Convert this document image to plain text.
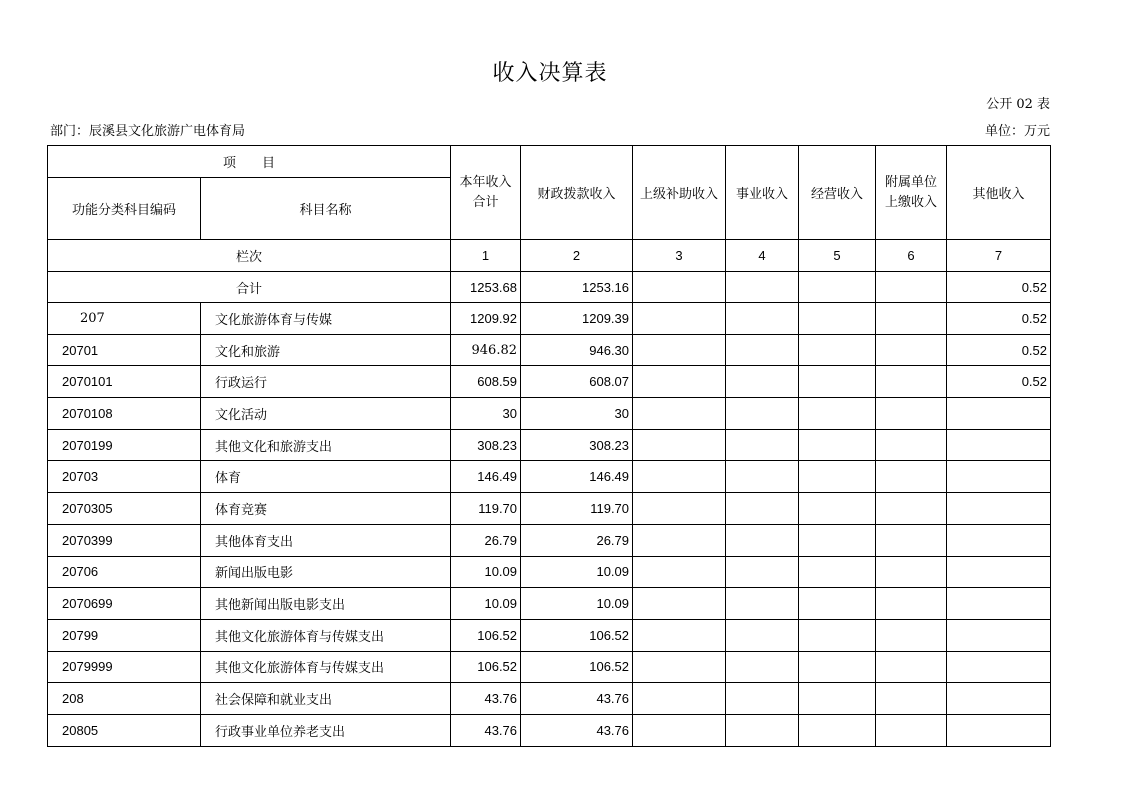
收入决算表
公开 02 表
部门：辰溪县文化旅游广电体育局	单位：万元
项　　目		本年收入合计	财政拨款收入	上级补助收入	事业收入	经营收入	附属单位上缴收入	其他收入
功能分类科目编码	科目名称							
栏次		1	2	3	4	5	6	7
合计		1253.68	1253.16					0.52
207	文化旅游体育与传媒	1209.92	1209.39					0.52
20701	文化和旅游	946.82	946.30					0.52
2070101	行政运行	608.59	608.07					0.52
2070108	文化活动	30	30					
2070199	其他文化和旅游支出	308.23	308.23					
20703	体育	146.49	146.49					
2070305	体育竞赛	119.70	119.70					
2070399	其他体育支出	26.79	26.79					
20706	新闻出版电影	10.09	10.09					
2070699	其他新闻出版电影支出	10.09	10.09					
20799	其他文化旅游体育与传媒支出	106.52	106.52					
2079999	其他文化旅游体育与传媒支出	106.52	106.52					
208	社会保障和就业支出	43.76	43.76					
20805	行政事业单位养老支出	43.76	43.76					
